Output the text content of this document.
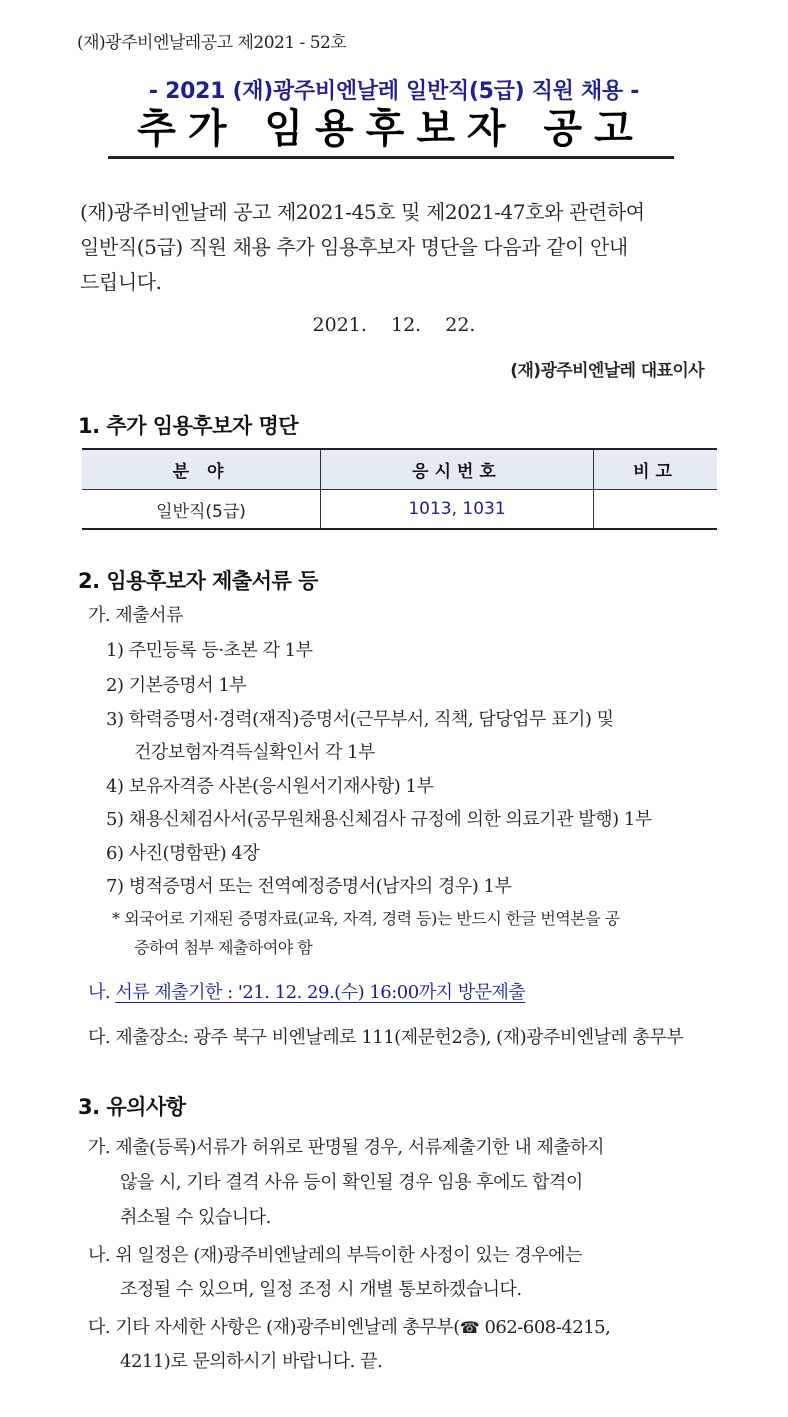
(재)광주비엔날레공고 제2021 - 52호
- 2021 (재)광주비엔날레 일반직(5급) 직원 채용 -
추가 임용후보자 공고
(재)광주비엔날레 공고 제2021-45호 및 제2021-47호와 관련하여
일반직(5급) 직원 채용 추가 임용후보자 명단을 다음과 같이 안내
드립니다.
2021. 12. 22.
(재)광주비엔날레 대표이사
1. 추가 임용후보자 명단
분 야	응시번호	비고
일반직(5급)	1013, 1031	
2. 임용후보자 제출서류 등
가. 제출서류
1) 주민등록 등·초본 각 1부
2) 기본증명서 1부
3) 학력증명서·경력(재직)증명서(근무부서, 직책, 담당업무 표기) 및
건강보험자격득실확인서 각 1부
4) 보유자격증 사본(응시원서기재사항) 1부
5) 채용신체검사서(공무원채용신체검사 규정에 의한 의료기관 발행) 1부
6) 사진(명함판) 4장
7) 병적증명서 또는 전역예정증명서(남자의 경우) 1부
* 외국어로 기재된 증명자료(교육, 자격, 경력 등)는 반드시 한글 번역본을 공
증하여 첨부 제출하여야 함
나. 서류 제출기한 : '21. 12. 29.(수) 16:00까지 방문제출
다. 제출장소: 광주 북구 비엔날레로 111(제문헌2층), (재)광주비엔날레 총무부
3. 유의사항
가. 제출(등록)서류가 허위로 판명될 경우, 서류제출기한 내 제출하지
않을 시, 기타 결격 사유 등이 확인될 경우 임용 후에도 합격이
취소될 수 있습니다.
나. 위 일정은 (재)광주비엔날레의 부득이한 사정이 있는 경우에는
조정될 수 있으며, 일정 조정 시 개별 통보하겠습니다.
다. 기타 자세한 사항은 (재)광주비엔날레 총무부(☎ 062-608-4215,
4211)로 문의하시기 바랍니다. 끝.
